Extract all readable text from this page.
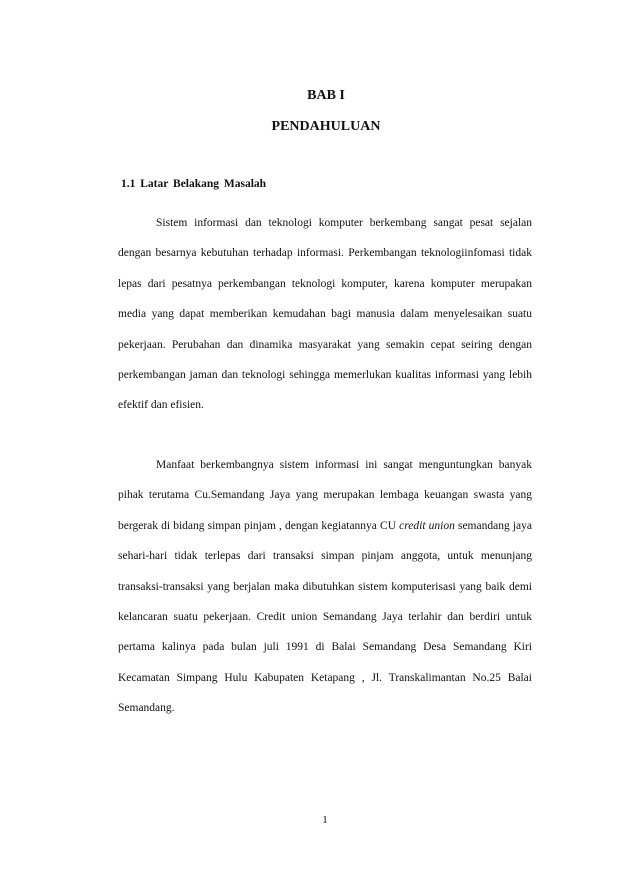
BAB I
PENDAHULUAN
1.1 Latar Belakang Masalah

Sistem informasi dan teknologi komputer berkembang sangat pesat sejalan dengan besarnya kebutuhan terhadap informasi. Perkembangan teknologiinfomasi tidak lepas dari pesatnya perkembangan teknologi komputer, karena komputer merupakan media yang dapat memberikan kemudahan bagi manusia dalam menyelesaikan suatu pekerjaan. Perubahan dan dinamika masyarakat yang semakin cepat seiring dengan perkembangan jaman dan teknologi sehingga memerlukan kualitas informasi yang lebih efektif dan efisien.

Manfaat berkembangnya sistem informasi ini sangat menguntungkan banyak pihak terutama Cu.Semandang Jaya yang merupakan lembaga keuangan swasta yang bergerak di bidang simpan pinjam , dengan kegiatannya CU credit union semandang jaya sehari-hari tidak terlepas dari transaksi simpan pinjam anggota, untuk menunjang transaksi-transaksi yang berjalan maka dibutuhkan sistem komputerisasi yang baik demi kelancaran suatu pekerjaan. Credit union Semandang Jaya terlahir dan berdiri untuk pertama kalinya pada bulan juli 1991 di Balai Semandang Desa Semandang Kiri Kecamatan Simpang Hulu Kabupaten Ketapang , Jl. Transkalimantan No.25 Balai Semandang.

1
